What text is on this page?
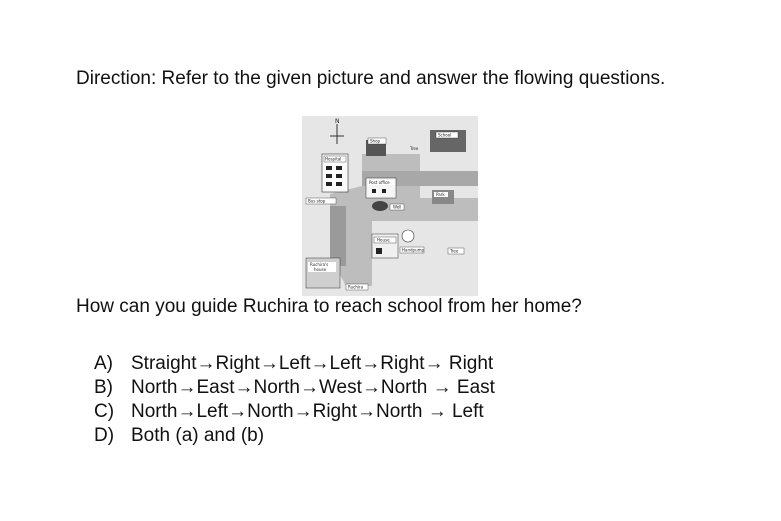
Direction: Refer to the given picture and answer the flowing questions.
N
Shop
Tree
School
Hospital
Bus stop
Post office
Well
Park
House
Handpump	Tree
Ruchira's
house
Ruchira
How can you guide Ruchira to reach school from her home?
A) Straight→Right→Left→Left→Right→ Right
B) North→East→North→West→North → East
C) North→Left→North→Right→North → Left
D) Both (a) and (b)
